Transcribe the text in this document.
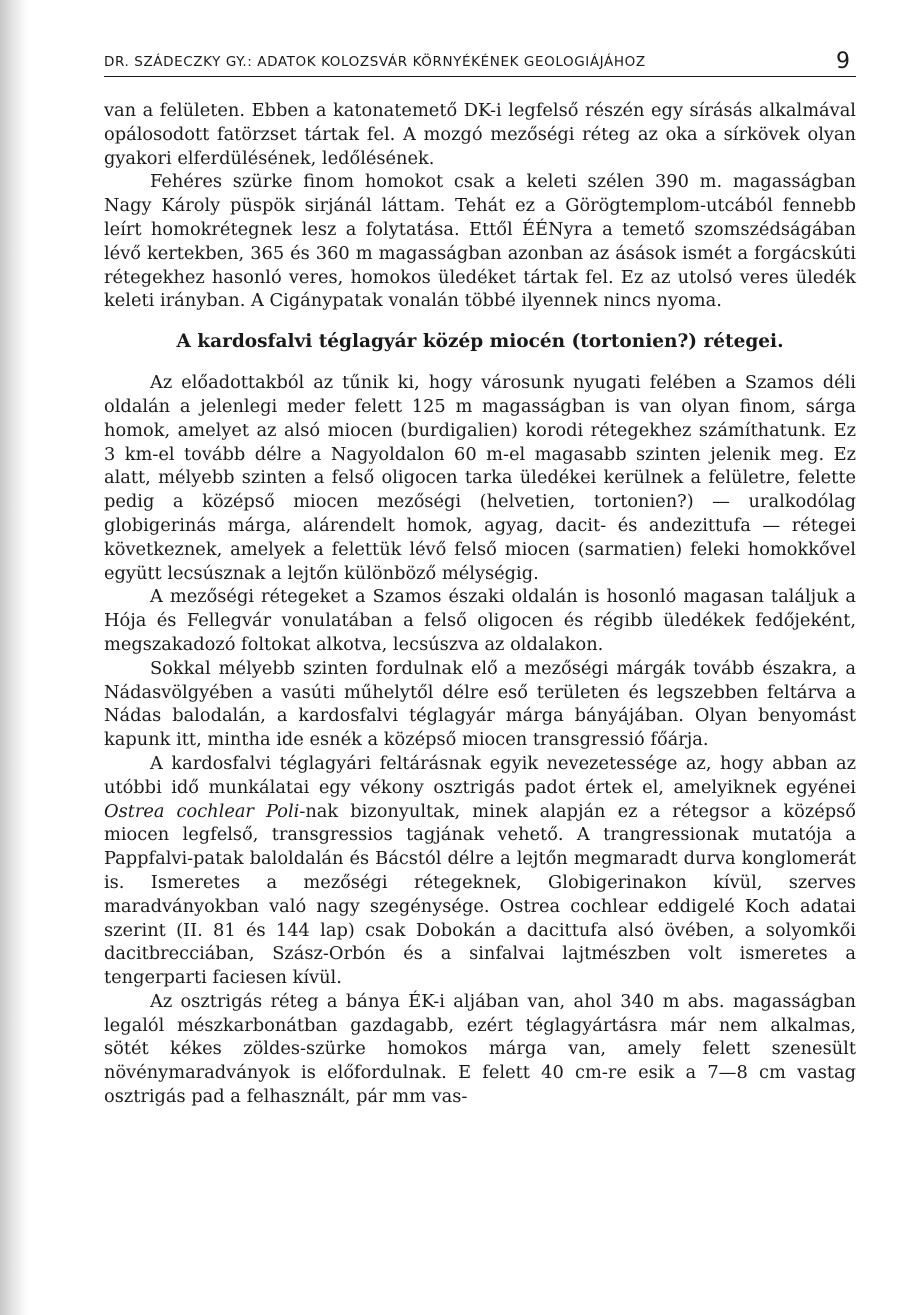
DR. SZÁDECZKY GY.: ADATOK KOLOZSVÁR KÖRNYÉKÉNEK GEOLOGIÁJÁHOZ	9

van a felületen. Ebben a katonatemető DK-i legfelső részén egy sírásás alkalmával opálosodott fatörzset tártak fel. A mozgó mezőségi réteg az oka a sírkövek olyan gyakori elferdülésének, ledőlésének.

Fehéres szürke finom homokot csak a keleti szélen 390 m. magasságban Nagy Károly püspök sirjánál láttam. Tehát ez a Görögtemplom-utcából fennebb leírt homokrétegnek lesz a folytatása. Ettől ÉÉNyra a temető szomszédságában lévő kertekben, 365 és 360 m magasságban azonban az ásások ismét a forgácskúti rétegekhez hasonló veres, homokos üledéket tártak fel. Ez az utolsó veres üledék keleti irányban. A Cigánypatak vonalán többé ilyennek nincs nyoma.

A kardosfalvi téglagyár közép miocén (tortonien?) rétegei.

Az előadottakból az tűnik ki, hogy városunk nyugati felében a Szamos déli oldalán a jelenlegi meder felett 125 m magasságban is van olyan finom, sárga homok, amelyet az alsó miocen (burdigalien) korodi rétegekhez számíthatunk. Ez 3 km-el tovább délre a Nagyoldalon 60 m-el magasabb szinten jelenik meg. Ez alatt, mélyebb szinten a felső oligocen tarka üledékei kerülnek a felületre, felette pedig a középső miocen mezőségi (helvetien, tortonien?) — uralkodólag globigerinás márga, alárendelt homok, agyag, dacit- és andezittufa — rétegei következnek, amelyek a felettük lévő felső miocen (sarmatien) feleki homokkővel együtt lecsúsznak a lejtőn különböző mélységig.

A mezőségi rétegeket a Szamos északi oldalán is hosonló magasan találjuk a Hója és Fellegvár vonulatában a felső oligocen és régibb üledékek fedőjeként, megszakadozó foltokat alkotva, lecsúszva az oldalakon.

Sokkal mélyebb szinten fordulnak elő a mezőségi márgák tovább északra, a Nádasvölgyében a vasúti műhelytől délre eső területen és legszebben feltárva a Nádas balodalán, a kardosfalvi téglagyár márga bányájában. Olyan benyomást kapunk itt, mintha ide esnék a középső miocen transgressió főárja.

A kardosfalvi téglagyári feltárásnak egyik nevezetessége az, hogy abban az utóbbi idő munkálatai egy vékony osztrigás padot értek el, amelyiknek egyénei Ostrea cochlear Poli-nak bizonyultak, minek alapján ez a rétegsor a középső miocen legfelső, transgressios tagjának vehető. A trangressionak mutatója a Pappfalvi-patak baloldalán és Bácstól délre a lejtőn megmaradt durva konglomerát is. Ismeretes a mezőségi rétegeknek, Globigerinakon kívül, szerves maradványokban való nagy szegénysége. Ostrea cochlear eddigelé Koch adatai szerint (II. 81 és 144 lap) csak Dobokán a dacittufa alsó övében, a solyomkői dacitbrecciában, Szász-Orbón és a sinfalvai lajtmészben volt ismeretes a tengerparti faciesen kívül.

Az osztrigás réteg a bánya ÉK-i aljában van, ahol 340 m abs. magasságban legalól mészkarbonátban gazdagabb, ezért téglagyártásra már nem alkalmas, sötét kékes zöldes-szürke homokos márga van, amely felett szenesült növénymaradványok is előfordulnak. E felett 40 cm-re esik a 7—8 cm vastag osztrigás pad a felhasznált, pár mm vas-
